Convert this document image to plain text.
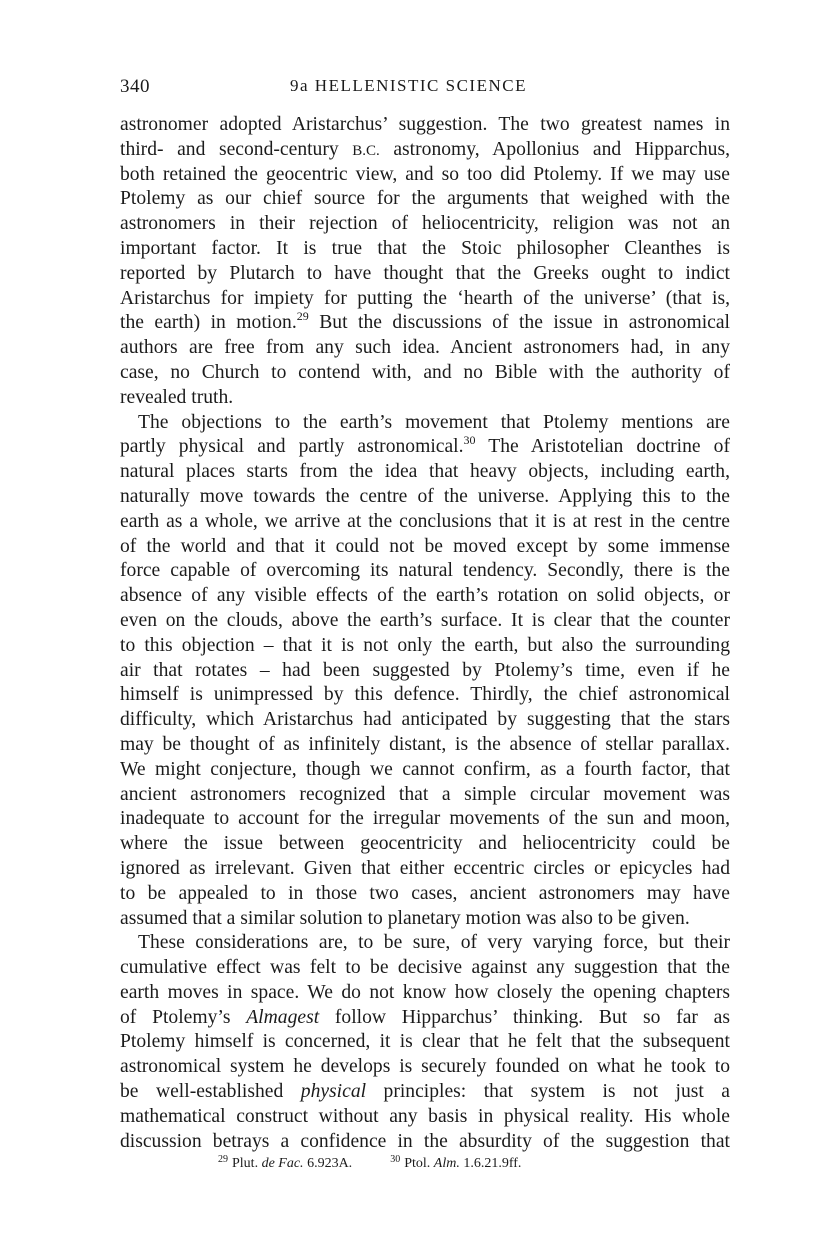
340	9a HELLENISTIC SCIENCE
astronomer adopted Aristarchus’ suggestion. The two greatest names in
third- and second-century B.C. astronomy, Apollonius and Hipparchus,
both retained the geocentric view, and so too did Ptolemy. If we may use
Ptolemy as our chief source for the arguments that weighed with the
astronomers in their rejection of heliocentricity, religion was not an
important factor. It is true that the Stoic philosopher Cleanthes is
reported by Plutarch to have thought that the Greeks ought to indict
Aristarchus for impiety for putting the ‘hearth of the universe’ (that is,
the earth) in motion.$^{29}$ But the discussions of the issue in astronomical
authors are free from any such idea. Ancient astronomers had, in any
case, no Church to contend with, and no Bible with the authority of
revealed truth.
The objections to the earth’s movement that Ptolemy mentions are
partly physical and partly astronomical.$^{30}$ The Aristotelian doctrine of
natural places starts from the idea that heavy objects, including earth,
naturally move towards the centre of the universe. Applying this to the
earth as a whole, we arrive at the conclusions that it is at rest in the centre
of the world and that it could not be moved except by some immense
force capable of overcoming its natural tendency. Secondly, there is the
absence of any visible effects of the earth’s rotation on solid objects, or
even on the clouds, above the earth’s surface. It is clear that the counter
to this objection – that it is not only the earth, but also the surrounding
air that rotates – had been suggested by Ptolemy’s time, even if he
himself is unimpressed by this defence. Thirdly, the chief astronomical
difficulty, which Aristarchus had anticipated by suggesting that the stars
may be thought of as infinitely distant, is the absence of stellar parallax.
We might conjecture, though we cannot confirm, as a fourth factor, that
ancient astronomers recognized that a simple circular movement was
inadequate to account for the irregular movements of the sun and moon,
where the issue between geocentricity and heliocentricity could be
ignored as irrelevant. Given that either eccentric circles or epicycles had
to be appealed to in those two cases, ancient astronomers may have
assumed that a similar solution to planetary motion was also to be given.
These considerations are, to be sure, of very varying force, but their
cumulative effect was felt to be decisive against any suggestion that the
earth moves in space. We do not know how closely the opening chapters
of Ptolemy’s Almagest follow Hipparchus’ thinking. But so far as
Ptolemy himself is concerned, it is clear that he felt that the subsequent
astronomical system he develops is securely founded on what he took to
be well-established physical principles: that system is not just a
mathematical construct without any basis in physical reality. His whole
discussion betrays a confidence in the absurdity of the suggestion that
$^{29}$ Plut. de Fac. 6.923A.	$^{30}$ Ptol. Alm. 1.6.21.9ff.
